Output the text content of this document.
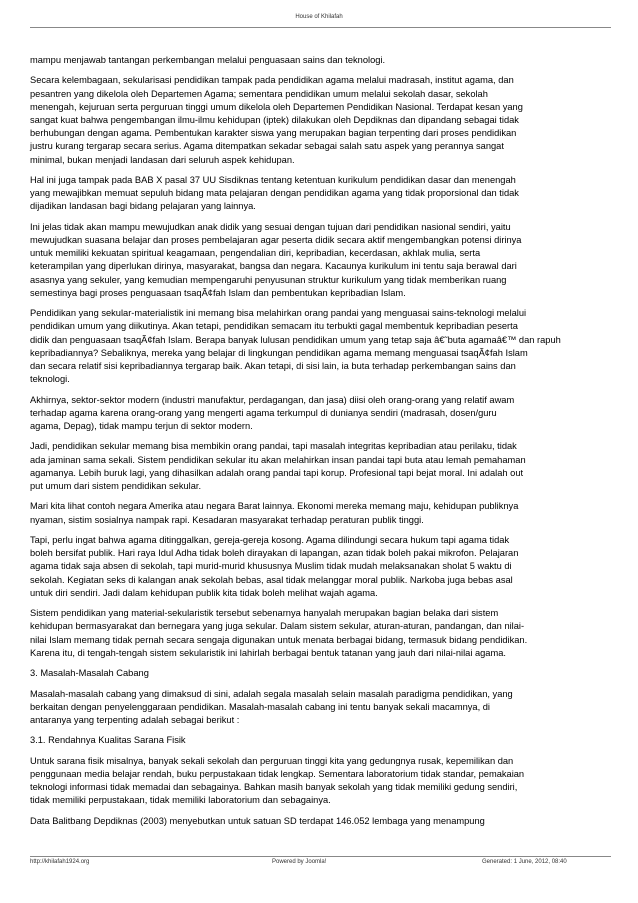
House of Khilafah

mampu menjawab tantangan perkembangan melalui penguasaan sains dan teknologi.

Secara kelembagaan, sekularisasi pendidikan tampak pada pendidikan agama melalui madrasah, institut agama, dan
pesantren yang dikelola oleh Departemen Agama; sementara pendidikan umum melalui sekolah dasar, sekolah
menengah, kejuruan serta perguruan tinggi umum dikelola oleh Departemen Pendidikan Nasional. Terdapat kesan yang
sangat kuat bahwa pengembangan ilmu-ilmu kehidupan (iptek) dilakukan oleh Depdiknas dan dipandang sebagai tidak
berhubungan dengan agama. Pembentukan karakter siswa yang merupakan bagian terpenting dari proses pendidikan
justru kurang tergarap secara serius. Agama ditempatkan sekadar sebagai salah satu aspek yang perannya sangat
minimal, bukan menjadi landasan dari seluruh aspek kehidupan.

Hal ini juga tampak pada BAB X pasal 37 UU Sisdiknas tentang ketentuan kurikulum pendidikan dasar dan menengah
yang mewajibkan memuat sepuluh bidang mata pelajaran dengan pendidikan agama yang tidak proporsional dan tidak
dijadikan landasan bagi bidang pelajaran yang lainnya.

Ini jelas tidak akan mampu mewujudkan anak didik yang sesuai dengan tujuan dari pendidikan nasional sendiri, yaitu
mewujudkan suasana belajar dan proses pembelajaran agar peserta didik secara aktif mengembangkan potensi dirinya
untuk memiliki kekuatan spiritual keagamaan, pengendalian diri, kepribadian, kecerdasan, akhlak mulia, serta
keterampilan yang diperlukan dirinya, masyarakat, bangsa dan negara. Kacaunya kurikulum ini tentu saja berawal dari
asasnya yang sekuler, yang kemudian mempengaruhi penyusunan struktur kurikulum yang tidak memberikan ruang
semestinya bagi proses penguasaan tsaqÃ¢fah Islam dan pembentukan kepribadian Islam.

Pendidikan yang sekular-materialistik ini memang bisa melahirkan orang pandai yang menguasai sains-teknologi melalui
pendidikan umum yang diikutinya. Akan tetapi, pendidikan semacam itu terbukti gagal membentuk kepribadian peserta
didik dan penguasaan tsaqÃ¢fah Islam. Berapa banyak lulusan pendidikan umum yang tetap saja â€˜buta agamaâ€™ dan rapuh
kepribadiannya? Sebaliknya, mereka yang belajar di lingkungan pendidikan agama memang menguasai tsaqÃ¢fah Islam
dan secara relatif sisi kepribadiannya tergarap baik. Akan tetapi, di sisi lain, ia buta terhadap perkembangan sains dan
teknologi.

Akhirnya, sektor-sektor modern (industri manufaktur, perdagangan, dan jasa) diisi oleh orang-orang yang relatif awam
terhadap agama karena orang-orang yang mengerti agama terkumpul di dunianya sendiri (madrasah, dosen/guru
agama, Depag), tidak mampu terjun di sektor modern.

Jadi, pendidikan sekular memang bisa membikin orang pandai, tapi masalah integritas kepribadian atau perilaku, tidak
ada jaminan sama sekali. Sistem pendidikan sekular itu akan melahirkan insan pandai tapi buta atau lemah pemahaman
agamanya. Lebih buruk lagi, yang dihasilkan adalah orang pandai tapi korup. Profesional tapi bejat moral. Ini adalah out
put umum dari sistem pendidikan sekular.

Mari kita lihat contoh negara Amerika atau negara Barat lainnya. Ekonomi mereka memang maju, kehidupan publiknya
nyaman, sistim sosialnya nampak rapi. Kesadaran masyarakat terhadap peraturan publik tinggi.

Tapi, perlu ingat bahwa agama ditinggalkan, gereja-gereja kosong. Agama dilindungi secara hukum tapi agama tidak
boleh bersifat publik. Hari raya Idul Adha tidak boleh dirayakan di lapangan, azan tidak boleh pakai mikrofon. Pelajaran
agama tidak saja absen di sekolah, tapi murid-murid khususnya Muslim tidak mudah melaksanakan sholat 5 waktu di
sekolah. Kegiatan seks di kalangan anak sekolah bebas, asal tidak melanggar moral publik. Narkoba juga bebas asal
untuk diri sendiri. Jadi dalam kehidupan publik kita tidak boleh melihat wajah agama.

Sistem pendidikan yang material-sekularistik tersebut sebenarnya hanyalah merupakan bagian belaka dari sistem
kehidupan bermasyarakat dan bernegara yang juga sekular. Dalam sistem sekular, aturan-aturan, pandangan, dan nilai-
nilai Islam memang tidak pernah secara sengaja digunakan untuk menata berbagai bidang, termasuk bidang pendidikan.
Karena itu, di tengah-tengah sistem sekularistik ini lahirlah berbagai bentuk tatanan yang jauh dari nilai-nilai agama.

3. Masalah-Masalah Cabang

Masalah-masalah cabang yang dimaksud di sini, adalah segala masalah selain masalah paradigma pendidikan, yang
berkaitan dengan penyelenggaraan pendidikan. Masalah-masalah cabang ini tentu banyak sekali macamnya, di
antaranya yang terpenting adalah sebagai berikut :

3.1. Rendahnya Kualitas Sarana Fisik

Untuk sarana fisik misalnya, banyak sekali sekolah dan perguruan tinggi kita yang gedungnya rusak, kepemilikan dan
penggunaan media belajar rendah, buku perpustakaan tidak lengkap. Sementara laboratorium tidak standar, pemakaian
teknologi informasi tidak memadai dan sebagainya. Bahkan masih banyak sekolah yang tidak memiliki gedung sendiri,
tidak memiliki perpustakaan, tidak memiliki laboratorium dan sebagainya.

Data Balitbang Depdiknas (2003) menyebutkan untuk satuan SD terdapat 146.052 lembaga yang menampung

http://khilafah1924.org	Powered by Joomla!	Generated: 1 June, 2012, 08:40
